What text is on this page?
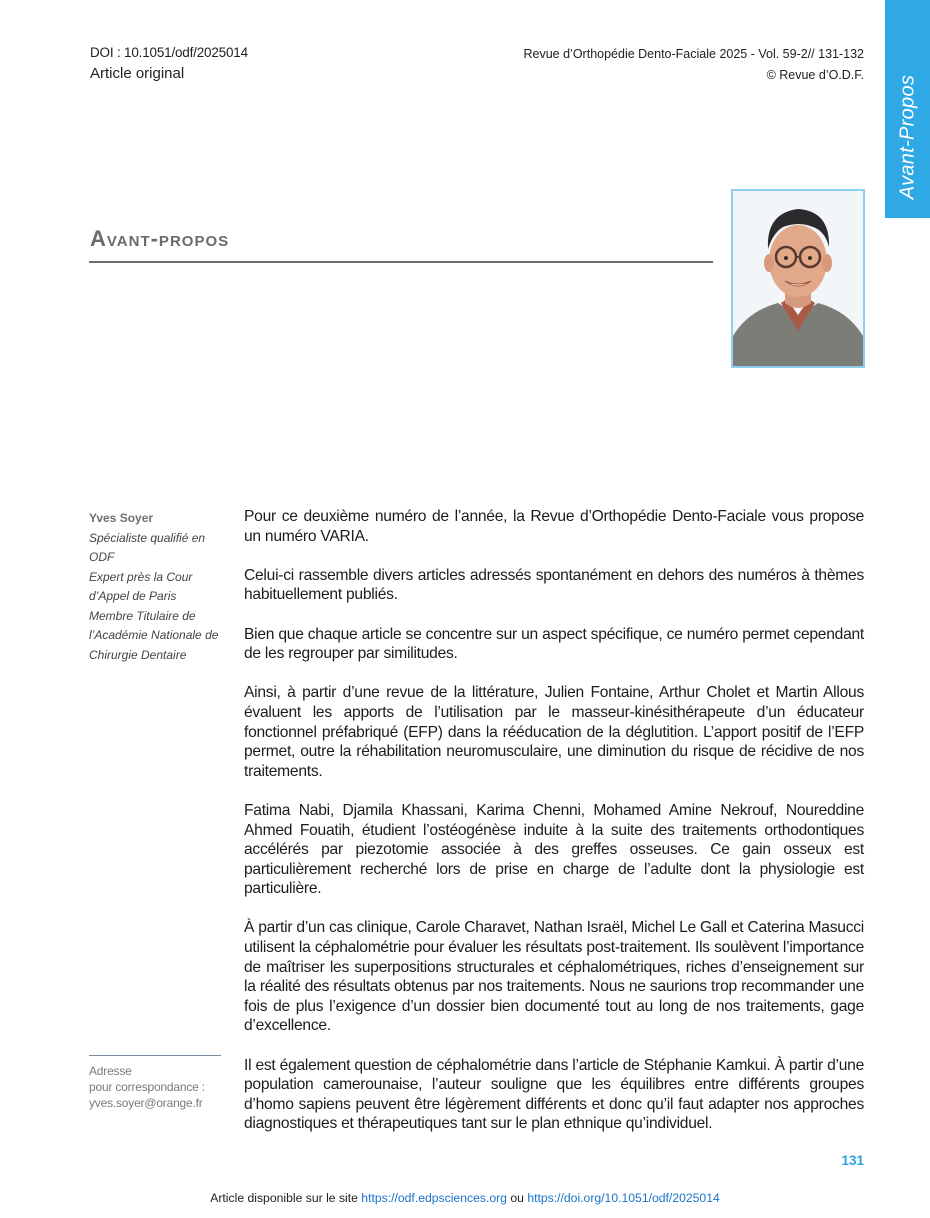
DOI : 10.1051/odf/2025014
Article original
Revue d’Orthopédie Dento-Faciale 2025 - Vol. 59-2// 131-132
© Revue d’O.D.F. Avant-Propos
Avant-propos
Yves Soyer
Spécialiste qualifié en ODF
Expert près la Cour d’Appel de Paris
Membre Titulaire de l’Académie Nationale de Chirurgie Dentaire
Adresse
pour correspondance :
yves.soyer@orange.fr

Pour ce deuxième numéro de l’année, la Revue d’Orthopédie Dento-Faciale vous propose un numéro VARIA.

Celui-ci rassemble divers articles adressés spontanément en dehors des numéros à thèmes habituellement publiés.

Bien que chaque article se concentre sur un aspect spécifique, ce numéro permet cependant de les regrouper par similitudes.

Ainsi, à partir d’une revue de la littérature, Julien Fontaine, Arthur Cholet et Martin Allous évaluent les apports de l’utilisation par le masseur-kinésithérapeute d’un éducateur fonctionnel préfabriqué (EFP) dans la rééducation de la déglutition. L’apport positif de l’EFP permet, outre la réhabilitation neuromusculaire, une diminution du risque de récidive de nos traitements.

Fatima Nabi, Djamila Khassani, Karima Chenni, Mohamed Amine Nekrouf, Noureddine Ahmed Fouatih, étudient l’ostéogénèse induite à la suite des traitements orthodontiques accélérés par piezotomie associée à des greffes osseuses. Ce gain osseux est particulièrement recherché lors de prise en charge de l’adulte dont la physiologie est particulière.

À partir d’un cas clinique, Carole Charavet, Nathan Israël, Michel Le Gall et Caterina Masucci utilisent la céphalométrie pour évaluer les résultats post-traitement. Ils soulèvent l’importance de maîtriser les superpositions structurales et céphalométriques, riches d’enseignement sur la réalité des résultats obtenus par nos traitements. Nous ne saurions trop recommander une fois de plus l’exigence d’un dossier bien documenté tout au long de nos traitements, gage d’excellence.

Il est également question de céphalométrie dans l’article de Stéphanie Kamkui. À partir d’une population camerounaise, l’auteur souligne que les équilibres entre différents groupes d’homo sapiens peuvent être légèrement différents et donc qu’il faut adapter nos approches diagnostiques et thérapeutiques tant sur le plan ethnique qu’individuel.

131
Article disponible sur le site https://odf.edpsciences.org ou https://doi.org/10.1051/odf/2025014
